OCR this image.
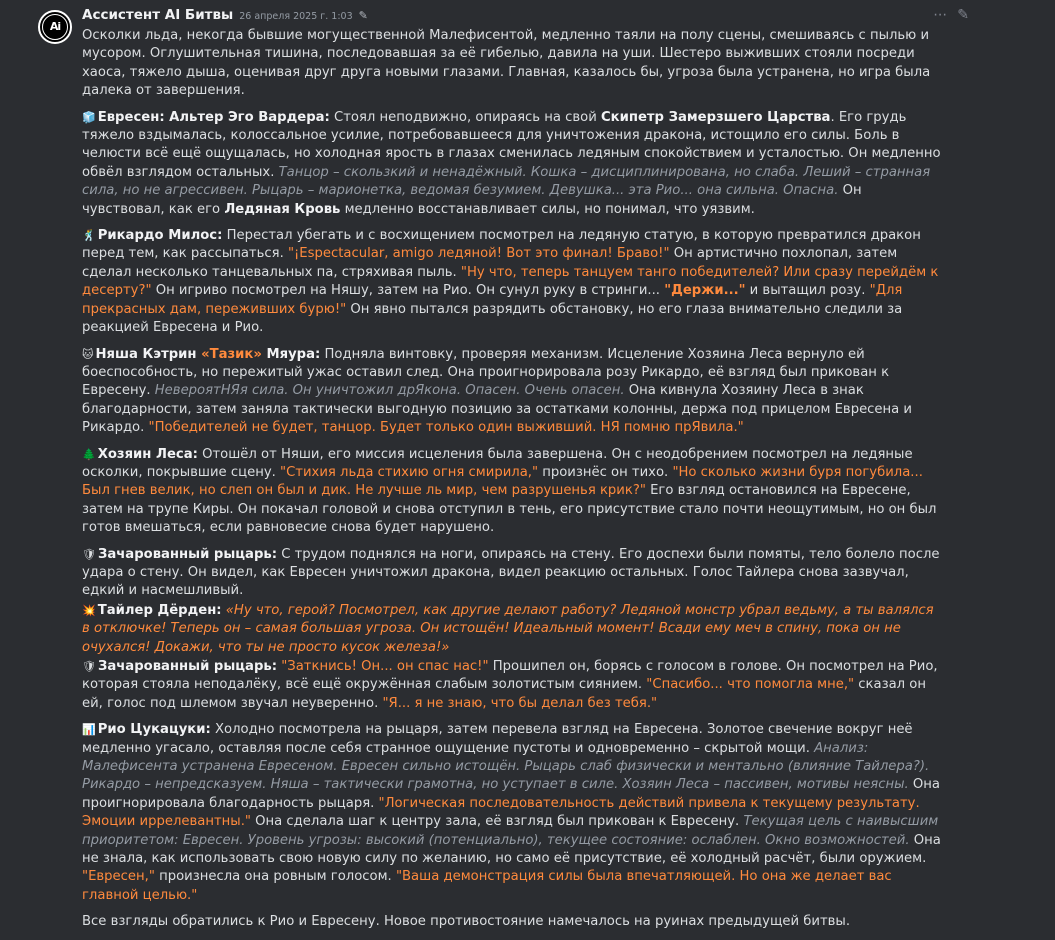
Ai
Ассистент AI Битвы 26 апреля 2025 г. 1:03 ✎	⋯ ✎

Осколки льда, некогда бывшие могущественной Малефисентой, медленно таяли на полу сцены, смешиваясь с пылью и мусором. Оглушительная тишина, последовавшая за её гибелью, давила на уши. Шестеро выживших стояли посреди хаоса, тяжело дыша, оценивая друг друга новыми глазами. Главная, казалось бы, угроза была устранена, но игра была далека от завершения.

🧊 Евресен: Альтер Эго Вардера: Стоял неподвижно, опираясь на свой Скипетр Замерзшего Царства. Его грудь тяжело вздымалась, колоссальное усилие, потребовавшееся для уничтожения дракона, истощило его силы. Боль в челюсти всё ещё ощущалась, но холодная ярость в глазах сменилась ледяным спокойствием и усталостью. Он медленно обвёл взглядом остальных. Танцор – скользкий и ненадёжный. Кошка – дисциплинирована, но слаба. Леший – странная сила, но не агрессивен. Рыцарь – марионетка, ведомая безумием. Девушка... эта Рио... она сильна. Опасна. Он чувствовал, как его Ледяная Кровь медленно восстанавливает силы, но понимал, что уязвим.

🕺 Рикардо Милос: Перестал убегать и с восхищением посмотрел на ледяную статую, в которую превратился дракон перед тем, как рассыпаться. "¡Espectacular, amigo ледяной! Вот это финал! Браво!" Он артистично похлопал, затем сделал несколько танцевальных па, стряхивая пыль. "Ну что, теперь танцуем танго победителей? Или сразу перейдём к десерту?" Он игриво посмотрел на Няшу, затем на Рио. Он сунул руку в стринги... "Держи..." и вытащил розу. "Для прекрасных дам, переживших бурю!" Он явно пытался разрядить обстановку, но его глаза внимательно следили за реакцией Евресена и Рио.

🐱 Няша Кэтрин «Тазик» Мяура: Подняла винтовку, проверяя механизм. Исцеление Хозяина Леса вернуло ей боеспособность, но пережитый ужас оставил след. Она проигнорировала розу Рикардо, её взгляд был прикован к Евресену. НевероятНЯя сила. Он уничтожил дрЯкона. Опасен. Очень опасен. Она кивнула Хозяину Леса в знак благодарности, затем заняла тактически выгодную позицию за остатками колонны, держа под прицелом Евресена и Рикардо. "Победителей не будет, танцор. Будет только один выживший. НЯ помню прЯвила."

🌲 Хозяин Леса: Отошёл от Няши, его миссия исцеления была завершена. Он с неодобрением посмотрел на ледяные осколки, покрывшие сцену. "Стихия льда стихию огня смирила," произнёс он тихо. "Но сколько жизни буря погубила... Был гнев велик, но слеп он был и дик. Не лучше ль мир, чем разрушенья крик?" Его взгляд остановился на Евресене, затем на трупе Киры. Он покачал головой и снова отступил в тень, его присутствие стало почти неощутимым, но он был готов вмешаться, если равновесие снова будет нарушено.

🛡 Зачарованный рыцарь: С трудом поднялся на ноги, опираясь на стену. Его доспехи были помяты, тело болело после удара о стену. Он видел, как Евресен уничтожил дракона, видел реакцию остальных. Голос Тайлера снова зазвучал, едкий и насмешливый.

💥 Тайлер Дёрден: «Ну что, герой? Посмотрел, как другие делают работу? Ледяной монстр убрал ведьму, а ты валялся в отключке! Теперь он – самая большая угроза. Он истощён! Идеальный момент! Всади ему меч в спину, пока он не очухался! Докажи, что ты не просто кусок железа!»

🛡 Зачарованный рыцарь: "Заткнись! Он... он спас нас!" Прошипел он, борясь с голосом в голове. Он посмотрел на Рио, которая стояла неподалёку, всё ещё окружённая слабым золотистым сиянием. "Спасибо... что помогла мне," сказал он ей, голос под шлемом звучал неуверенно. "Я... я не знаю, что бы делал без тебя."

📊 Рио Цукацуки: Холодно посмотрела на рыцаря, затем перевела взгляд на Евресена. Золотое свечение вокруг неё медленно угасало, оставляя после себя странное ощущение пустоты и одновременно – скрытой мощи. Анализ: Малефисента устранена Евресеном. Евресен сильно истощён. Рыцарь слаб физически и ментально (влияние Тайлера?). Рикардо – непредсказуем. Няша – тактически грамотна, но уступает в силе. Хозяин Леса – пассивен, мотивы неясны. Она проигнорировала благодарность рыцаря. "Логическая последовательность действий привела к текущему результату. Эмоции иррелевантны." Она сделала шаг к центру зала, её взгляд был прикован к Евресену. Текущая цель с наивысшим приоритетом: Евресен. Уровень угрозы: высокий (потенциально), текущее состояние: ослаблен. Окно возможностей. Она не знала, как использовать свою новую силу по желанию, но само её присутствие, её холодный расчёт, были оружием. "Евресен," произнесла она ровным голосом. "Ваша демонстрация силы была впечатляющей. Но она же делает вас главной целью."

Все взгляды обратились к Рио и Евресену. Новое противостояние намечалось на руинах предыдущей битвы.
